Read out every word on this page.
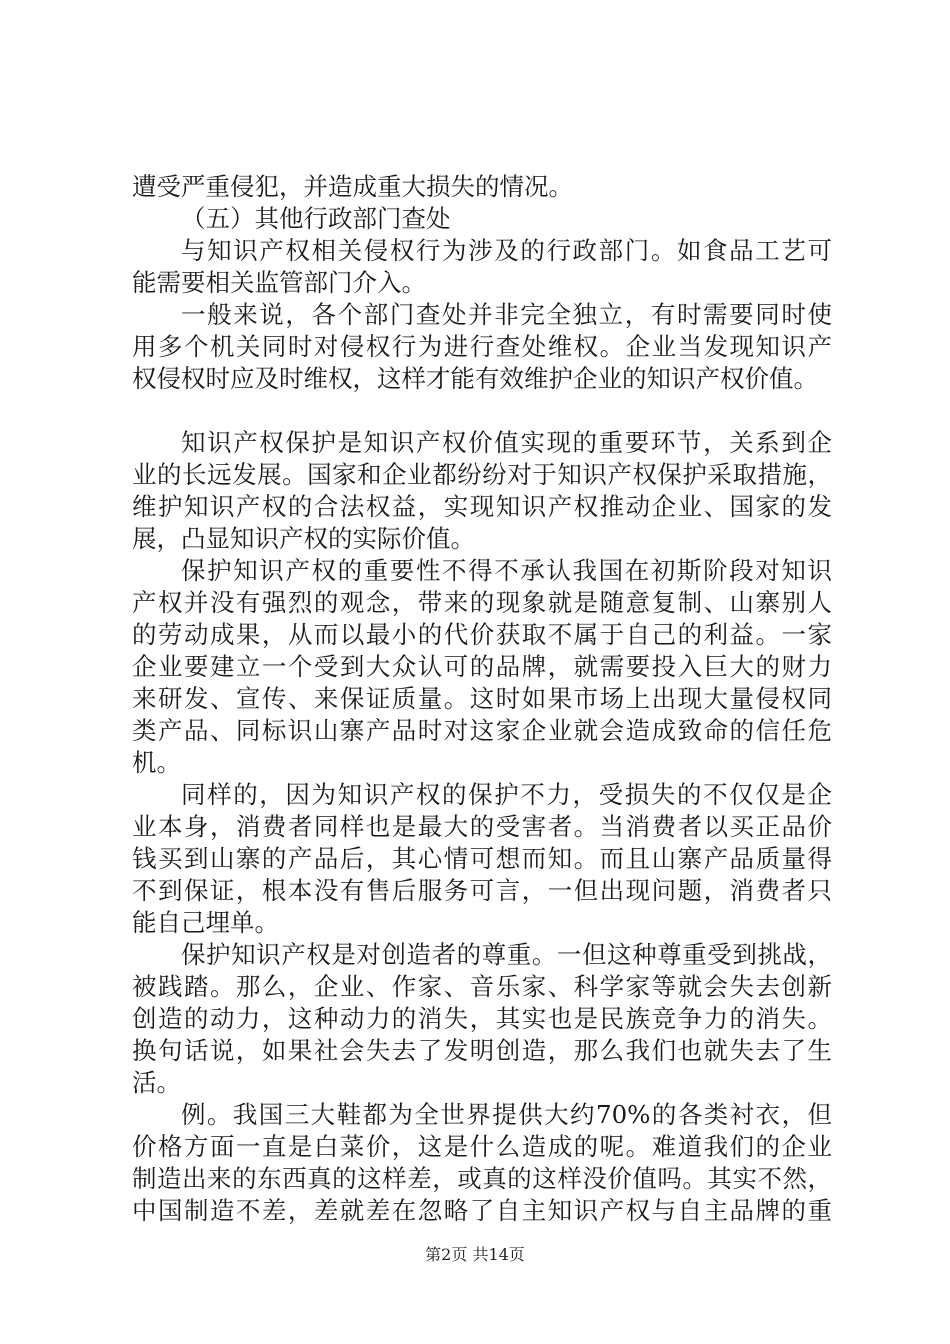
遭受严重侵犯，并造成重大损失的情况。
（五）其他行政部门查处
与知识产权相关侵权行为涉及的行政部门。如食品工艺可
能需要相关监管部门介入。
一般来说，各个部门查处并非完全独立，有时需要同时使
用多个机关同时对侵权行为进行查处维权。企业当发现知识产
权侵权时应及时维权，这样才能有效维护企业的知识产权价值。
知识产权保护是知识产权价值实现的重要环节，关系到企
业的长远发展。国家和企业都纷纷对于知识产权保护采取措施，
维护知识产权的合法权益，实现知识产权推动企业、国家的发
展，凸显知识产权的实际价值。
保护知识产权的重要性不得不承认我国在初斯阶段对知识
产权并没有强烈的观念，带来的现象就是随意复制、山寨别人
的劳动成果，从而以最小的代价获取不属于自己的利益。一家
企业要建立一个受到大众认可的品牌，就需要投入巨大的财力
来研发、宣传、来保证质量。这时如果市场上出现大量侵权同
类产品、同标识山寨产品时对这家企业就会造成致命的信任危
机。
同样的，因为知识产权的保护不力，受损失的不仅仅是企
业本身，消费者同样也是最大的受害者。当消费者以买正品价
钱买到山寨的产品后，其心情可想而知。而且山寨产品质量得
不到保证，根本没有售后服务可言，一但出现问题，消费者只
能自己埋单。
保护知识产权是对创造者的尊重。一但这种尊重受到挑战，
被践踏。那么，企业、作家、音乐家、科学家等就会失去创新
创造的动力，这种动力的消失，其实也是民族竞争力的消失。
换句话说，如果社会失去了发明创造，那么我们也就失去了生
活。
例。我国三大鞋都为全世界提供大约70%的各类衬衣，但
价格方面一直是白菜价，这是什么造成的呢。难道我们的企业
制造出来的东西真的这样差，或真的这样没价值吗。其实不然，
中国制造不差，差就差在忽略了自主知识产权与自主品牌的重
第2页 共14页
